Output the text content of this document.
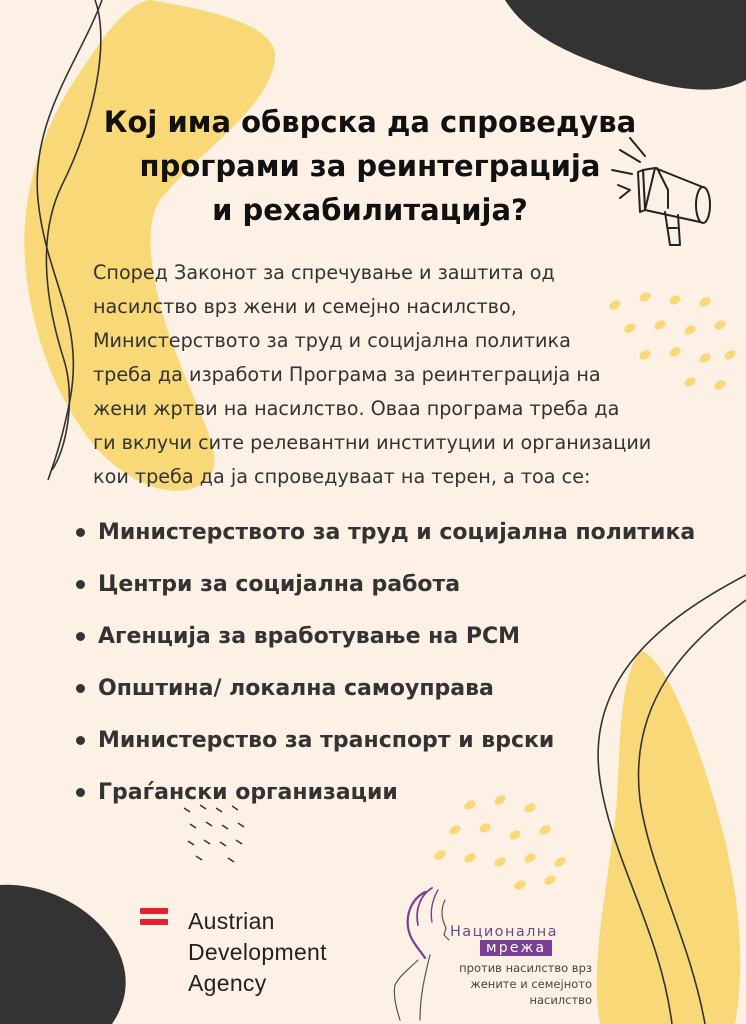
Кој има обврска да спроведува
програми за реинтеграција
и рехабилитација?

Според Законот за спречување и заштита од
насилство врз жени и семејно насилство,
Министерството за труд и социјална политика
треба да изработи Програма за реинтеграција на
жени жртви на насилство. Оваа програма треба да
ги вклучи сите релевантни институции и организации
кои треба да ја спроведуваат на терен, а тоа се:

Министерството за труд и социјална политика
Центри за социјална работа
Агенција за вработување на РСМ
Општина/ локална самоуправа
Министерство за транспорт и врски
Граѓански организации
Austrian
Development
Agency
Национална
мрежа
против насилство врз
жените и семејното
насилство
